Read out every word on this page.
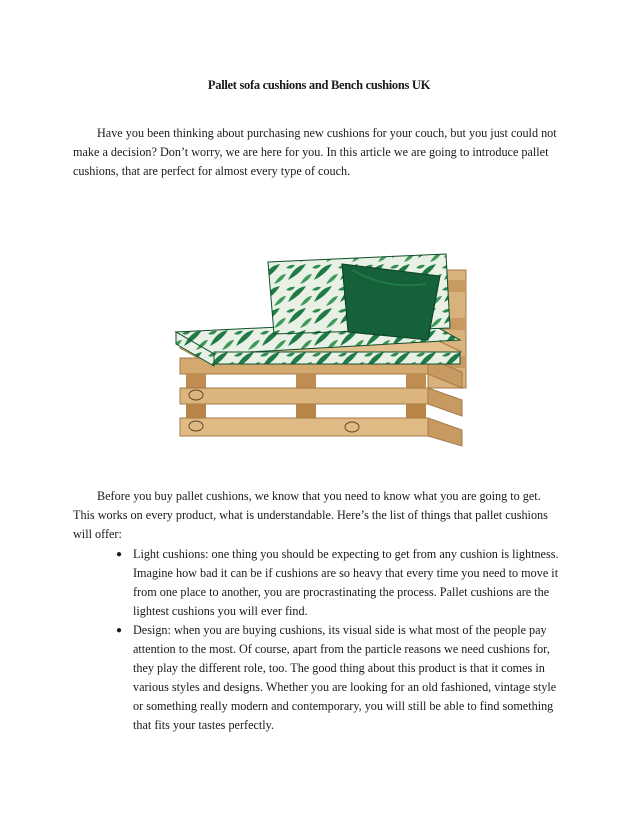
Pallet sofa cushions and Bench cushions UK

Have you been thinking about purchasing new cushions for your couch, but you just could not make a decision? Don’t worry, we are here for you. In this article we are going to introduce pallet cushions, that are perfect for almost every type of couch.

Before you buy pallet cushions, we know that you need to know what you are going to get. This works on every product, what is understandable. Here’s the list of things that pallet cushions will offer:

● Light cushions: one thing you should be expecting to get from any cushion is lightness. Imagine how bad it can be if cushions are so heavy that every time you need to move it from one place to another, you are procrastinating the process. Pallet cushions are the lightest cushions you will ever find.
● Design: when you are buying cushions, its visual side is what most of the people pay attention to the most. Of course, apart from the particle reasons we need cushions for, they play the different role, too. The good thing about this product is that it comes in various styles and designs. Whether you are looking for an old fashioned, vintage style or something really modern and contemporary, you will still be able to find something that fits your tastes perfectly.
